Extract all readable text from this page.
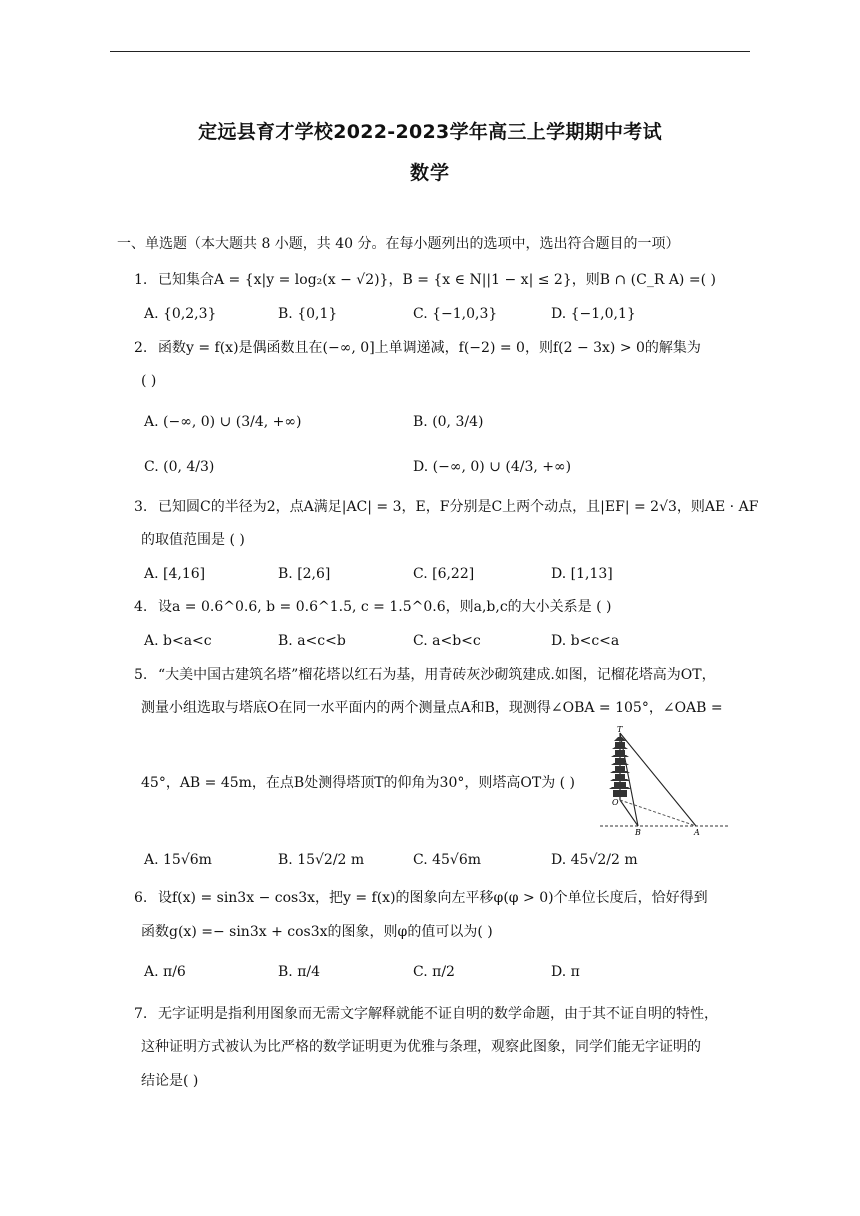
定远县育才学校2022-2023学年高三上学期期中考试
数学
一、单选题（本大题共 8 小题，共 40 分。在每小题列出的选项中，选出符合题目的一项）
1. 已知集合A = {x|y = log₂(x − √2)}，B = {x ∈ N||1 − x| ≤ 2}，则B ∩ (C_R A) =( )
A. {0,2,3}	B. {0,1}	C. {−1,0,3}	D. {−1,0,1}
2. 函数y = f(x)是偶函数且在(−∞, 0]上单调递减，f(−2) = 0，则f(2 − 3x) > 0的解集为
( )
A. (−∞, 0) ∪ (3/4, +∞)	B. (0, 3/4)
C. (0, 4/3)	D. (−∞, 0) ∪ (4/3, +∞)
3. 已知圆C的半径为2，点A满足|AC| = 3，E，F分别是C上两个动点，且|EF| = 2√3，则AE · AF
的取值范围是 ( )
A. [4,16]	B. [2,6]	C. [6,22]	D. [1,13]
4. 设a = 0.6^0.6, b = 0.6^1.5, c = 1.5^0.6，则a,b,c的大小关系是 ( )
A. b<a<c	B. a<c<b	C. a<b<c	D. b<c<a
5. “大美中国古建筑名塔”榴花塔以红石为基，用青砖灰沙砌筑建成.如图，记榴花塔高为OT，
测量小组选取与塔底O在同一水平面内的两个测量点A和B，现测得∠OBA = 105°，∠OAB =
45°，AB = 45m，在点B处测得塔顶T的仰角为30°，则塔高OT为 ( )
T
O
B	A
A. 15√6m	B. 15√2/2 m	C. 45√6m	D. 45√2/2 m
6. 设f(x) = sin3x − cos3x，把y = f(x)的图象向左平移φ(φ > 0)个单位长度后，恰好得到
函数g(x) =− sin3x + cos3x的图象，则φ的值可以为( )
A. π/6	B. π/4	C. π/2	D. π
7. 无字证明是指利用图象而无需文字解释就能不证自明的数学命题，由于其不证自明的特性，
这种证明方式被认为比严格的数学证明更为优雅与条理，观察此图象，同学们能无字证明的
结论是( )
